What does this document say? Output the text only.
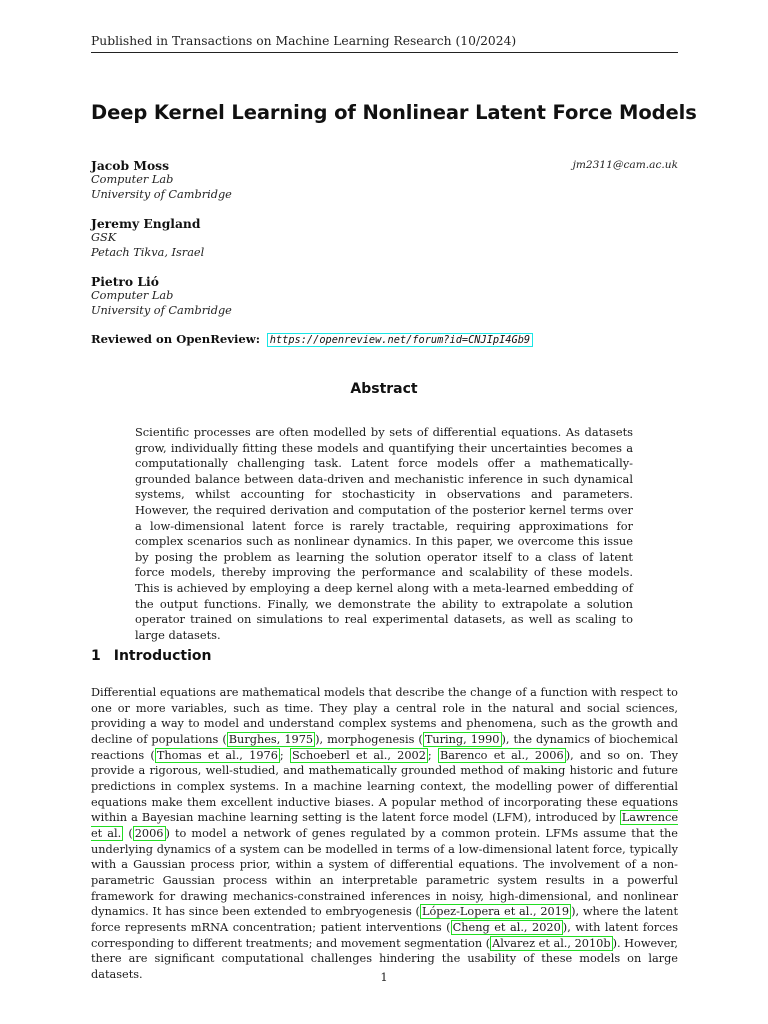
Published in Transactions on Machine Learning Research (10/2024)
Deep Kernel Learning of Nonlinear Latent Force Models
Jacob Moss
Computer Lab
University of Cambridge
jm2311@cam.ac.uk
Jeremy England
GSK
Petach Tikva, Israel
Pietro Lió
Computer Lab
University of Cambridge
Reviewed on OpenReview: https://openreview.net/forum?id=CNJIpI4Gb9
Abstract

Scientific processes are often modelled by sets of differential equations. As datasets grow, individually fitting these models and quantifying their uncertainties becomes a computationally challenging task. Latent force models offer a mathematically-grounded balance between data-driven and mechanistic inference in such dynamical systems, whilst accounting for stochasticity in observations and parameters. However, the required derivation and computation of the posterior kernel terms over a low-dimensional latent force is rarely tractable, requiring approximations for complex scenarios such as nonlinear dynamics. In this paper, we overcome this issue by posing the problem as learning the solution operator itself to a class of latent force models, thereby improving the performance and scalability of these models. This is achieved by employing a deep kernel along with a meta-learned embedding of the output functions. Finally, we demonstrate the ability to extrapolate a solution operator trained on simulations to real experimental datasets, as well as scaling to large datasets.

1 Introduction

Differential equations are mathematical models that describe the change of a function with respect to one or more variables, such as time. They play a central role in the natural and social sciences, providing a way to model and understand complex systems and phenomena, such as the growth and decline of populations ( Burghes, 1975 ), morphogenesis ( Turing, 1990 ), the dynamics of biochemical reactions ( Thomas et al., 1976 ; Schoeberl et al., 2002 ; Barenco et al., 2006 ), and so on. They provide a rigorous, well-studied, and mathematically grounded method of making historic and future predictions in complex systems. In a machine learning context, the modelling power of differential equations make them excellent inductive biases. A popular method of incorporating these equations within a Bayesian machine learning setting is the latent force model (LFM), introduced by Lawrence et al. ( 2006 ) to model a network of genes regulated by a common protein. LFMs assume that the underlying dynamics of a system can be modelled in terms of a low-dimensional latent force, typically with a Gaussian process prior, within a system of differential equations. The involvement of a non-parametric Gaussian process within an interpretable parametric system results in a powerful framework for drawing mechanics-constrained inferences in noisy, high-dimensional, and nonlinear dynamics. It has since been extended to embryogenesis ( López-Lopera et al., 2019 ), where the latent force represents mRNA concentration; patient interventions ( Cheng et al., 2020 ), with latent forces corresponding to different treatments; and movement segmentation ( Alvarez et al., 2010b ). However, there are significant computational challenges hindering the usability of these models on large datasets.	1
